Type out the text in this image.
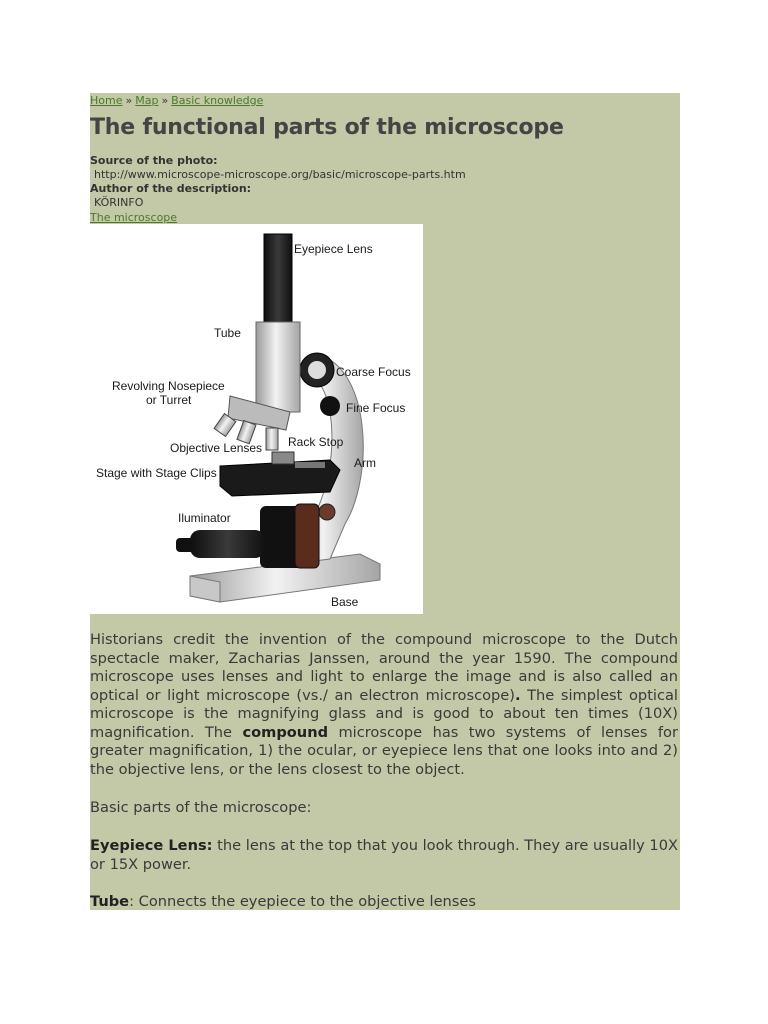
Home » Map » Basic knowledge
The functional parts of the microscope
Source of the photo:
http://www.microscope-microscope.org/basic/microscope-parts.htm
Author of the description:
KÖRINFO
The microscope
Eyepiece Lens
Tube
Coarse Focus
Revolving Nosepiece
or Turret
Fine Focus
Rack Stop
Objective Lenses
Arm
Stage with Stage Clips
Iluminator
Base

Historians credit the invention of the compound microscope to the Dutch spectacle maker, Zacharias Janssen, around the year 1590. The compound microscope uses lenses and light to enlarge the image and is also called an optical or light microscope (vs./ an electron microscope). The simplest optical microscope is the magnifying glass and is good to about ten times (10X) magnification. The compound microscope has two systems of lenses for greater magnification, 1) the ocular, or eyepiece lens that one looks into and 2) the objective lens, or the lens closest to the object.

Basic parts of the microscope:

Eyepiece Lens: the lens at the top that you look through. They are usually 10X or 15X power.

Tube: Connects the eyepiece to the objective lenses
